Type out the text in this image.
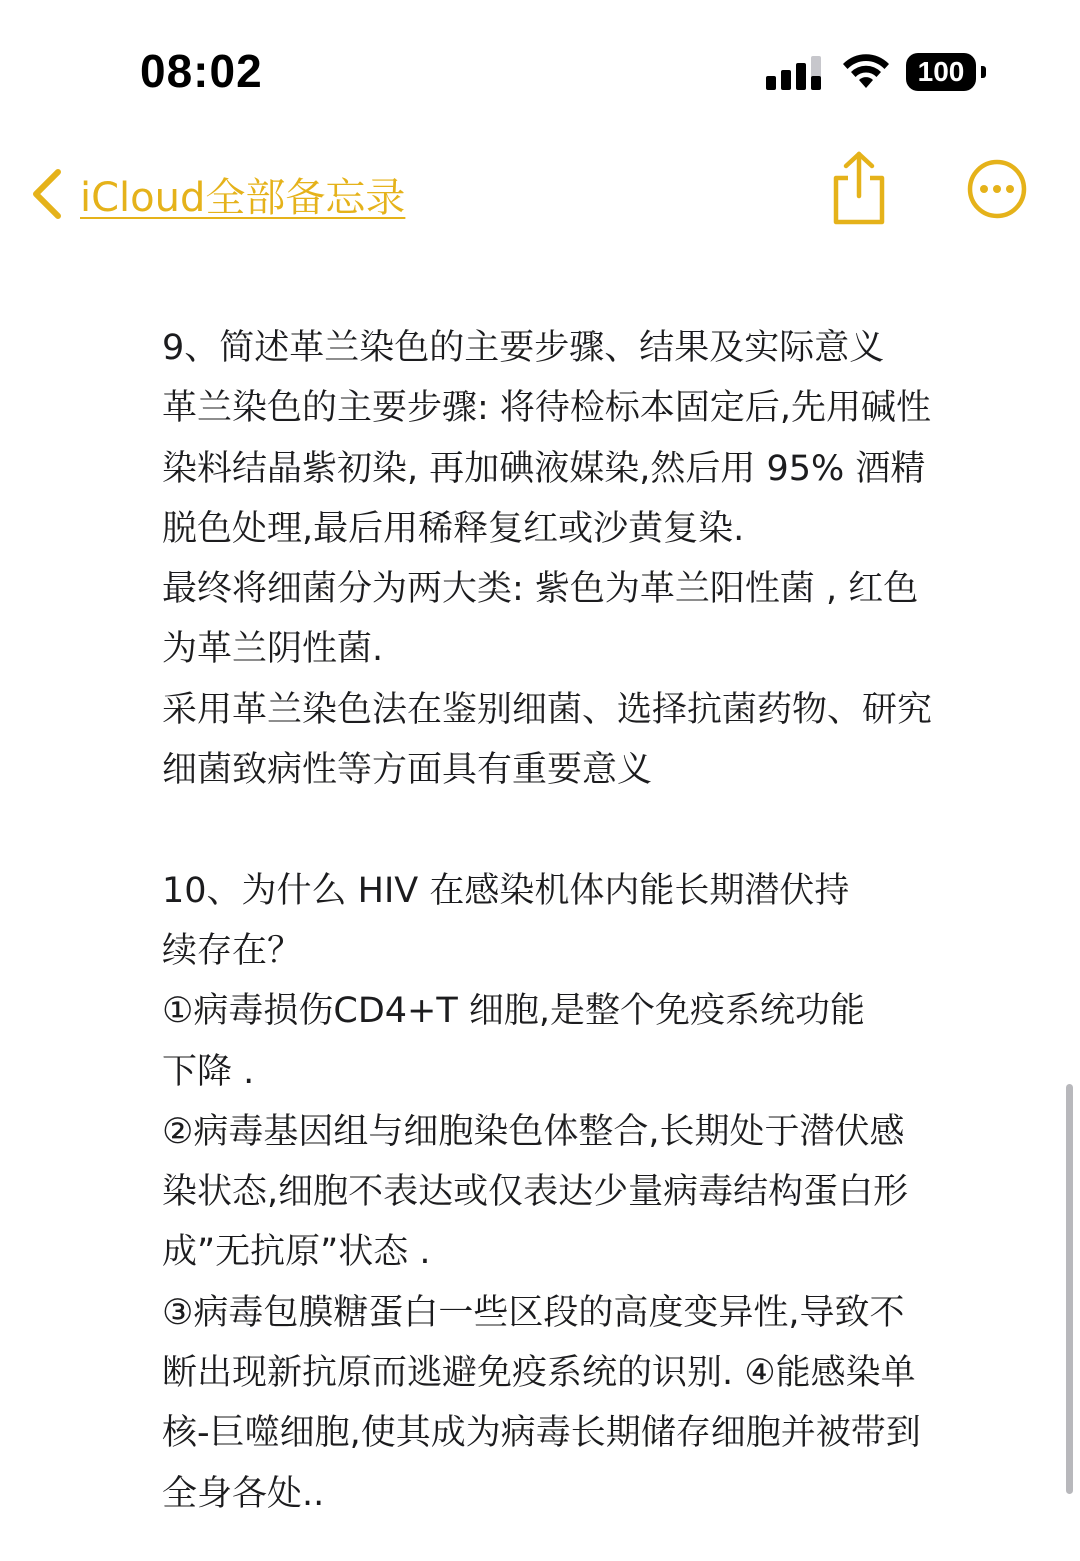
08:02	100
iCloud全部备忘录
9、简述革兰染色的主要步骤、结果及实际意义
革兰染色的主要步骤: 将待检标本固定后,先用碱性
染料结晶紫初染, 再加碘液媒染,然后用 95% 酒精
脱色处理,最后用稀释复红或沙黄复染.
最终将细菌分为两大类: 紫色为革兰阳性菌 , 红色
为革兰阴性菌.
采用革兰染色法在鉴别细菌、选择抗菌药物、研究
细菌致病性等方面具有重要意义
10、为什么 HIV 在感染机体内能长期潜伏持
续存在？
①病毒损伤CD4+T 细胞,是整个免疫系统功能
下降 .
②病毒基因组与细胞染色体整合,长期处于潜伏感
染状态,细胞不表达或仅表达少量病毒结构蛋白形
成”无抗原”状态 .
③病毒包膜糖蛋白一些区段的高度变异性,导致不
断出现新抗原而逃避免疫系统的识别. ④能感染单
核-巨噬细胞,使其成为病毒长期储存细胞并被带到
全身各处..
